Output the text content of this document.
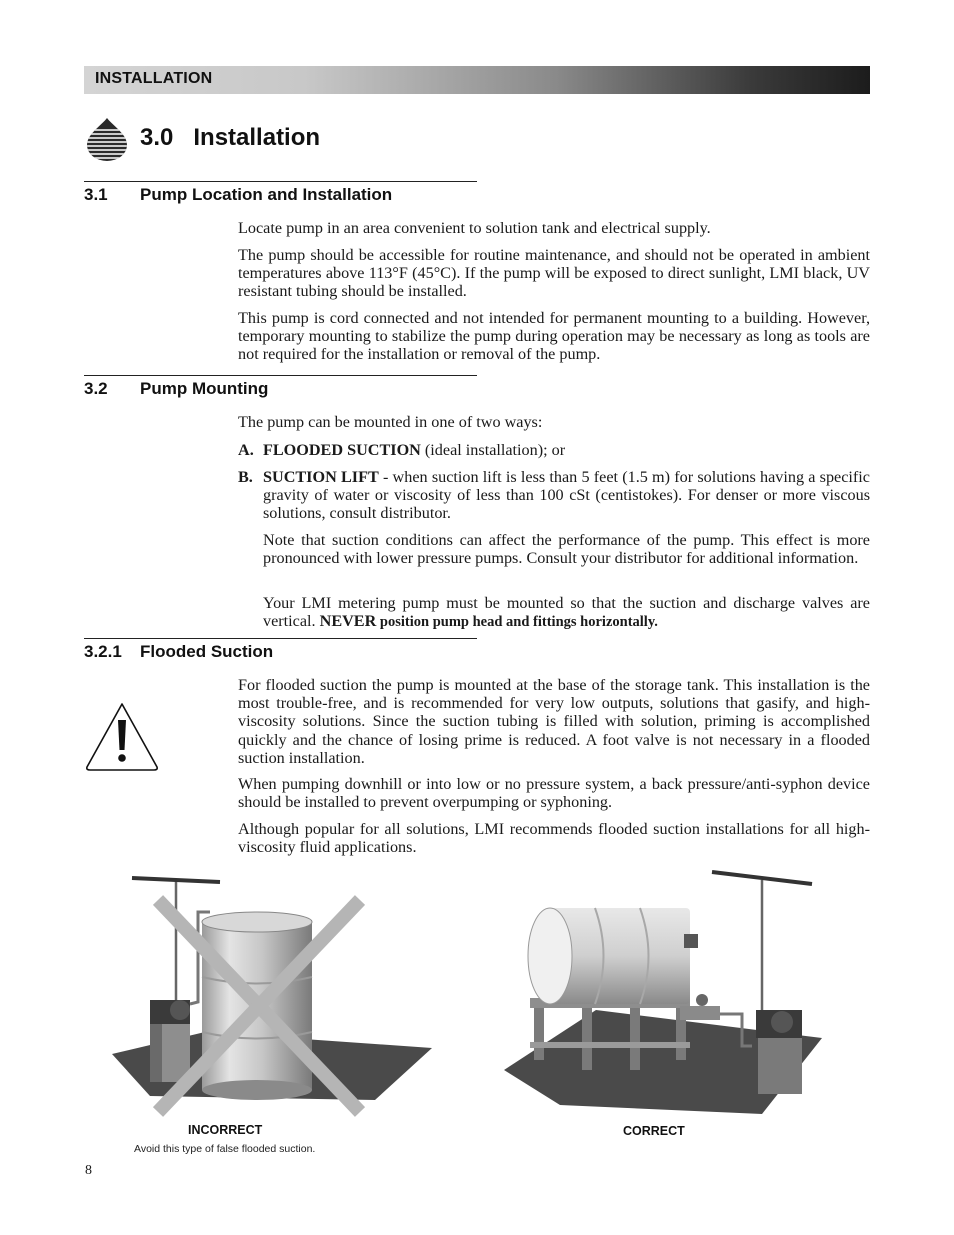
INSTALLATION
3.0   Installation
3.1 Pump Location and Installation
Locate pump in an area convenient to solution tank and electrical supply.
The pump should be accessible for routine maintenance, and should not be operated in ambient temperatures above 113°F (45°C). If the pump will be exposed to direct sunlight, LMI black, UV resistant tubing should be installed.
This pump is cord connected and not intended for permanent mounting to a building. However, temporary mounting to stabilize the pump during operation may be necessary as long as tools are not required for the installation or removal of the pump.
3.2 Pump Mounting
The pump can be mounted in one of two ways:
A. FLOODED SUCTION (ideal installation); or
B. SUCTION LIFT - when suction lift is less than 5 feet (1.5 m) for solutions having a specific gravity of water or viscosity of less than 100 cSt (centistokes). For denser or more viscous solutions, consult distributor.
Note that suction conditions can affect the performance of the pump. This effect is more pronounced with lower pressure pumps. Consult your distributor for additional information.
Your LMI metering pump must be mounted so that the suction and discharge valves are vertical. NEVER position pump head and fittings horizontally.
3.2.1 Flooded Suction
For flooded suction the pump is mounted at the base of the storage tank. This installation is the most trouble-free, and is recommended for very low outputs, solutions that gasify, and high-viscosity solutions. Since the suction tubing is filled with solution, priming is accomplished quickly and the chance of losing prime is reduced. A foot valve is not necessary in a flooded suction installation.
When pumping downhill or into low or no pressure system, a back pressure/anti-syphon device should be installed to prevent overpumping or syphoning.
Although popular for all solutions, LMI recommends flooded suction installations for all high-viscosity fluid applications.
INCORRECT
Avoid this type of false flooded suction.
CORRECT
8
